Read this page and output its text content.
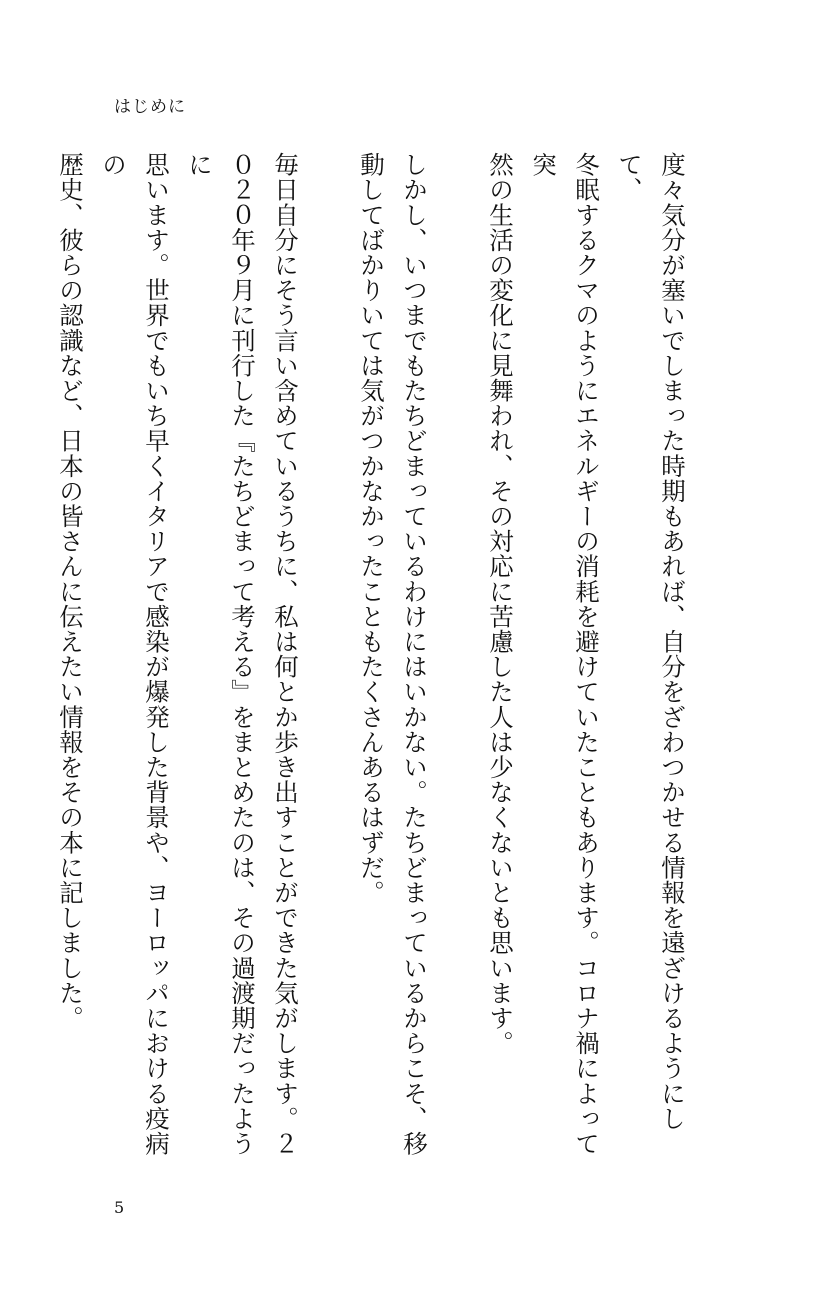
はじめに

度々気分が塞いでしまった時期もあれば、自分をざわつかせる情報を遠ざけるようにして、
冬眠するクマのようにエネルギーの消耗を避けていたこともあります。コロナ禍によって突
然の生活の変化に見舞われ、その対応に苦慮した人は少なくないとも思います。

しかし、いつまでもたちどまっているわけにはいかない。たちどまっているからこそ、移
動してばかりいては気がつかなかったこともたくさんあるはずだ。

毎日自分にそう言い含めているうちに、私は何とか歩き出すことができた気がします。２
０２０年９月に刊行した『たちどまって考える』をまとめたのは、その過渡期だったように
思います。世界でもいち早くイタリアで感染が爆発した背景や、ヨーロッパにおける疫病の
歴史、彼らの認識など、日本の皆さんに伝えたい情報をその本に記しました。

5
